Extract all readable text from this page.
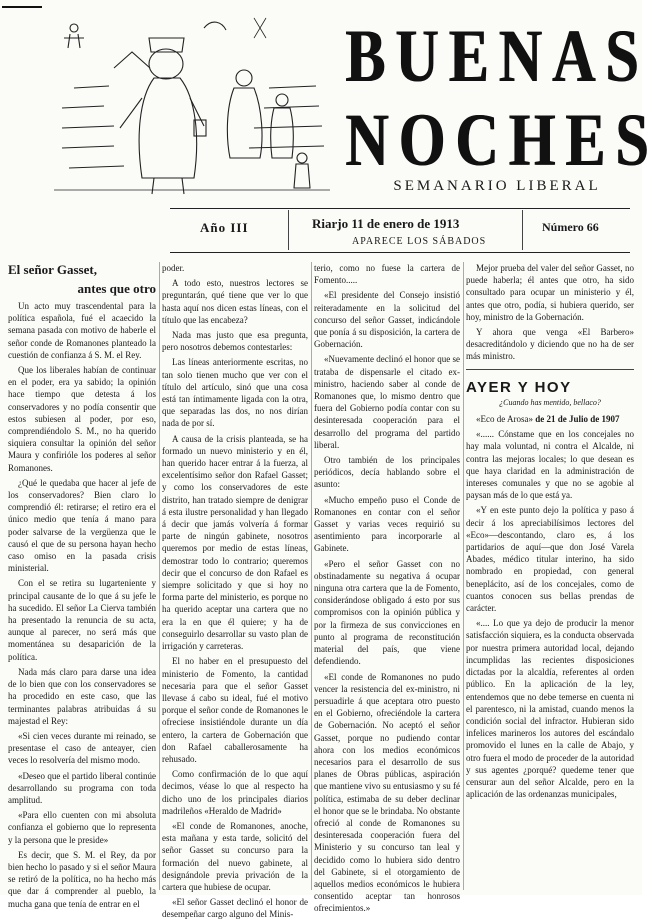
BUENAS
NOCHES
SEMANARIO LIBERAL
Año III	Riarjo 11 de enero de 1913
APARECE LOS SÁBADOS
Número 66

El señor Gasset,

antes que otro

Un acto muy trascendental para la política española, fué el acaecido la semana pasada con motivo de haberle el señor conde de Romanones planteado la cuestión de confianza á S. M. el Rey.

Que los liberales habían de continuar en el poder, era ya sabido; la opinión hace tiempo que detesta á los conservadores y no podía consentir que estos subiesen al poder, por eso, comprendiéndolo S. M., no ha querido siquiera consultar la opinión del señor Maura y confirióle los poderes al señor Romanones.

¿Qué le quedaba que hacer al jefe de los conservadores? Bien claro lo comprendió él: retirarse; el retiro era el único medio que tenía á mano para poder salvarse de la vergüenza que le causó el que de su persona hayan hecho caso omiso en la pasada crisis ministerial.

Con el se retira su lugarteniente y principal causante de lo que á su jefe le ha sucedido. El señor La Cierva también ha presentado la renuncia de su acta, aunque al parecer, no será más que momentánea su desaparición de la política.

Nada más claro para darse una idea de lo bien que con los conservadores se ha procedido en este caso, que las terminantes palabras atribuidas á su majestad el Rey:

«Si cien veces durante mi reinado, se presentase el caso de anteayer, cien veces lo resolvería del mismo modo.

«Deseo que el partido liberal continúe desarrollando su programa con toda amplitud.

«Para ello cuenten con mi absoluta confianza el gobierno que lo representa y la persona que le preside»

Es decir, que S. M. el Rey, da por bien hecho lo pasado y si el señor Maura se retiró de la política, no ha hecho más que dar á comprender al pueblo, la mucha gana que tenía de entrar en el

poder.

A todo esto, nuestros lectores se preguntarán, qué tiene que ver lo que hasta aquí nos dicen estas líneas, con el título que las encabeza?

Nada mas justo que esa pregunta, pero nosotros debemos contestarles:

Las líneas anteriormente escritas, no tan solo tienen mucho que ver con el título del artículo, sinó que una cosa está tan íntimamente ligada con la otra, que separadas las dos, no nos dirían nada de por sí.

A causa de la crisis planteada, se ha formado un nuevo ministerio y en él, han querido hacer entrar á la fuerza, al excelentísimo señor don Rafael Gasset; y como los conservadores de este distrito, han tratado siempre de denigrar á esta ilustre personalidad y han llegado á decir que jamás volvería á formar parte de ningún gabinete, nosotros queremos por medio de estas líneas, demostrar todo lo contrario; queremos decir que el concurso de don Rafael es siempre solicitado y que si hoy no forma parte del ministerio, es porque no ha querido aceptar una cartera que no era la en que él quiere; y ha de conseguirlo desarrollar su vasto plan de irrigación y carreteras.

El no haber en el presupuesto del ministerio de Fomento, la cantidad necesaria para que el señor Gasset llevase á cabo su ideal, fué el motivo porque el señor conde de Romanones le ofreciese insistiéndole durante un día entero, la cartera de Gobernación que don Rafael caballerosamente ha rehusado.

Como confirmación de lo que aquí decimos, véase lo que al respecto ha dicho uno de los principales diarios madrileños «Heraldo de Madrid»

«El conde de Romanones, anoche, esta mañana y esta tarde, solicitó del señor Gasset su concurso para la formación del nuevo gabinete, al designándole previa privación de la cartera que hubiese de ocupar.

«El señor Gasset declinó el honor de desempeñar cargo alguno del Minis-

terio, como no fuese la cartera de Fomento.....

«El presidente del Consejo insistió reiteradamente en la solicitud del concurso del señor Gasset, indicándole que ponía á su disposición, la cartera de Gobernación.

«Nuevamente declinó el honor que se trataba de dispensarle el citado ex-ministro, haciendo saber al conde de Romanones que, lo mismo dentro que fuera del Gobierno podía contar con su desinteresada cooperación para el desarrollo del programa del partido liberal.

Otro también de los principales periódicos, decía hablando sobre el asunto:

«Mucho empeño puso el Conde de Romanones en contar con el señor Gasset y varias veces requirió su asentimiento para incorporarle al Gabinete.

«Pero el señor Gasset con no obstinadamente su negativa á ocupar ninguna otra cartera que la de Fomento, considerándose obligado á esto por sus compromisos con la opinión pública y por la firmeza de sus convicciones en punto al programa de reconstitución material del país, que viene defendiendo.

«El conde de Romanones no pudo vencer la resistencia del ex-ministro, ni persuadirle á que aceptara otro puesto en el Gobierno, ofreciéndole la cartera de Gobernación. No aceptó el señor Gasset, porque no pudiendo contar ahora con los medios económicos necesarios para el desarrollo de sus planes de Obras públicas, aspiración que mantiene vivo su entusiasmo y su fé política, estimaba de su deber declinar el honor que se le brindaba. No obstante ofreció al conde de Romanones su desinteresada cooperación fuera del Ministerio y su concurso tan leal y decidido como lo hubiera sido dentro del Gabinete, si el otorgamiento de aquellos medios económicos le hubiera consentido aceptar tan honrosos ofrecimientos.»

Mejor prueba del valer del señor Gasset, no puede haberla; él antes que otro, ha sido consultado para ocupar un ministerio y él, antes que otro, podía, si hubiera querido, ser hoy, ministro de la Gobernación.

Y ahora que venga «El Barbero» desacreditándolo y diciendo que no ha de ser más ministro.

AYER Y HOY
¿Cuando has mentido, bellaco?

«Eco de Arosa» de 21 de Julio de 1907

«...... Cónstame que en los concejales no hay mala voluntad, ni contra el Alcalde, ni contra las mejoras locales; lo que desean es que haya claridad en la administración de intereses comunales y que no se agobie al paysan más de lo que está ya.

«Y en este punto dejo la política y paso á decir á los apreciabilísimos lectores del «Eco»—descontando, claro es, á los partidarios de aquí—que don José Varela Abades, médico titular interino, ha sido nombrado en propiedad, con general beneplácito, así de los concejales, como de cuantos conocen sus bellas prendas de carácter.

«.... Lo que ya dejo de producir la menor satisfacción siquiera, es la conducta observada por nuestra primera autoridad local, dejando incumplidas las recientes disposiciones dictadas por la alcaldía, referentes al orden público. En la aplicación de la ley, entendemos que no debe temerse en cuenta ni el parentesco, ni la amistad, cuando menos la condición social del infractor. Hubieran sido infelices marineros los autores del escándalo promovido el lunes en la calle de Abajo, y otro fuera el modo de proceder de la autoridad y sus agentes ¿porqué? quedeme tener que censurar aun del señor Alcalde, pero en la aplicación de las ordenanzas municipales,
